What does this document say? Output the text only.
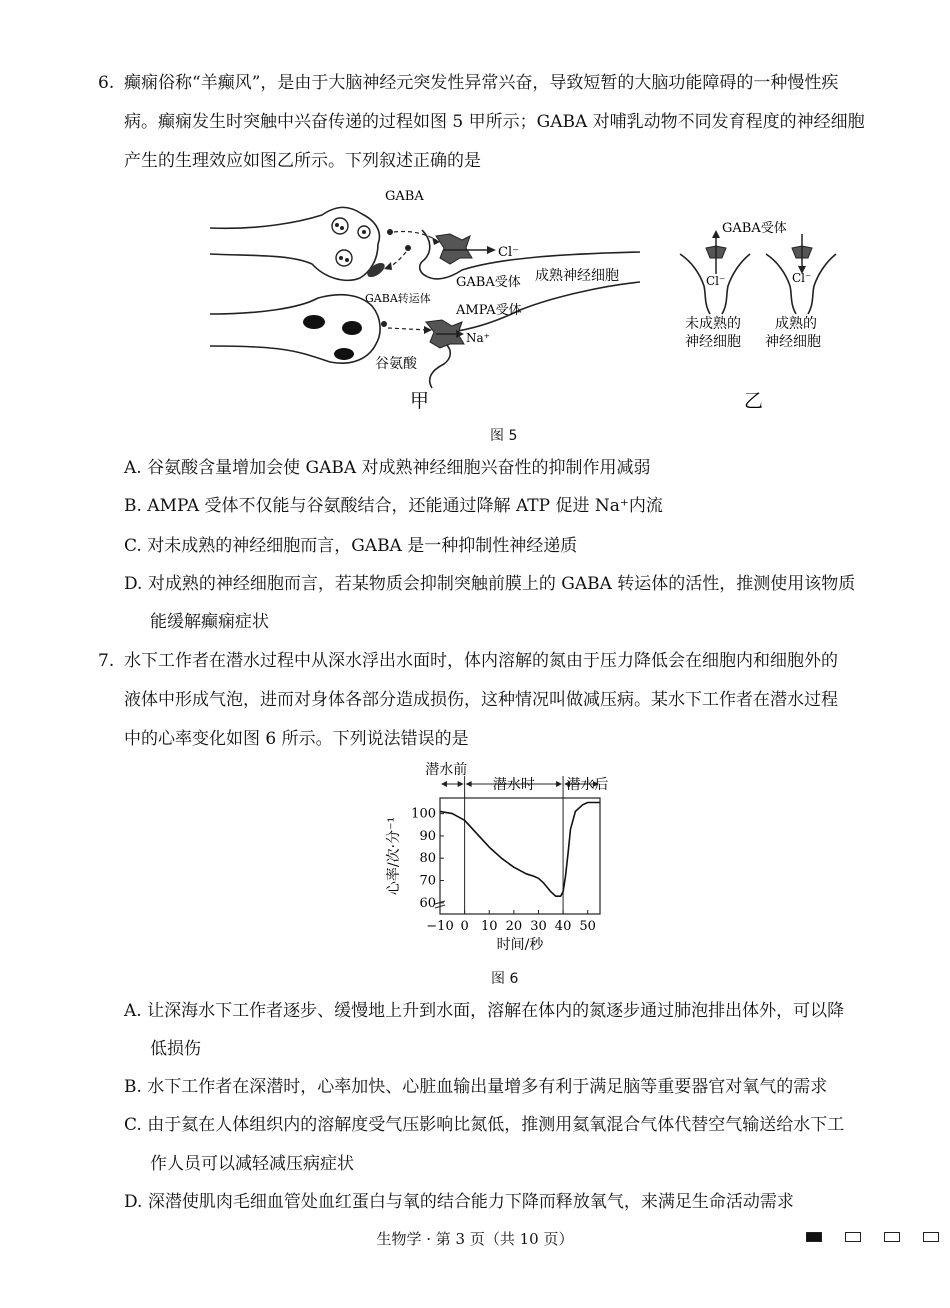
6. 癫痫俗称“羊癫风”，是由于大脑神经元突发性异常兴奋，导致短暂的大脑功能障碍的一种慢性疾
病。癫痫发生时突触中兴奋传递的过程如图 5 甲所示；GABA 对哺乳动物不同发育程度的神经细胞
产生的生理效应如图乙所示。下列叙述正确的是
GABA
Cl⁻
成熟神经细胞
GABA受体
GABA转运体
AMPA受体
Na⁺
谷氨酸
甲
GABA受体
Cl⁻	Cl⁻
未成熟的
神经细胞
成熟的
神经细胞
乙
图 5
A. 谷氨酸含量增加会使 GABA 对成熟神经细胞兴奋性的抑制作用减弱
B. AMPA 受体不仅能与谷氨酸结合，还能通过降解 ATP 促进 Na⁺内流
C. 对未成熟的神经细胞而言，GABA 是一种抑制性神经递质
D. 对成熟的神经细胞而言，若某物质会抑制突触前膜上的 GABA 转运体的活性，推测使用该物质
能缓解癫痫症状
7. 水下工作者在潜水过程中从深水浮出水面时，体内溶解的氮由于压力降低会在细胞内和细胞外的
液体中形成气泡，进而对身体各部分造成损伤，这种情况叫做减压病。某水下工作者在潜水过程
中的心率变化如图 6 所示。下列说法错误的是
潜水前
潜水时 潜水后
60
70
80
90
100
−10 0 10 20 30 40 50
时间/秒
心率/次·分⁻¹
图 6
A. 让深海水下工作者逐步、缓慢地上升到水面，溶解在体内的氮逐步通过肺泡排出体外，可以降
低损伤
B. 水下工作者在深潜时，心率加快、心脏血输出量增多有利于满足脑等重要器官对氧气的需求
C. 由于氦在人体组织内的溶解度受气压影响比氮低，推测用氦氧混合气体代替空气输送给水下工
作人员可以减轻减压病症状
D. 深潜使肌肉毛细血管处血红蛋白与氧的结合能力下降而释放氧气，来满足生命活动需求
生物学 · 第 3 页（共 10 页）
